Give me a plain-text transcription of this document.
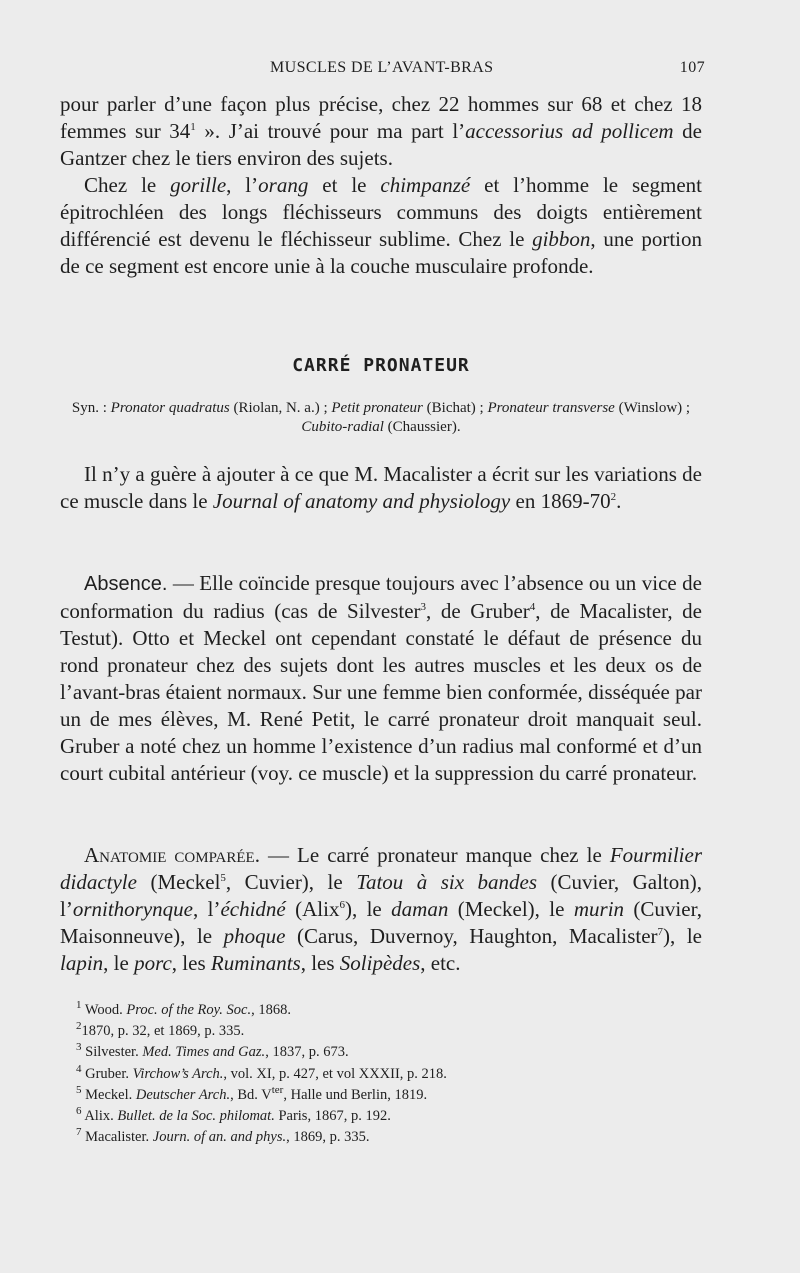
MUSCLES DE L’AVANT-BRAS	107

pour parler d’une façon plus précise, chez 22 hommes sur 68 et chez 18 femmes sur $34^1$ ». J’ai trouvé pour ma part l’accessorius ad pollicem de Gantzer chez le tiers environ des sujets.

Chez le gorille, l’orang et le chimpanzé et l’homme le segment épitrochléen des longs fléchisseurs communs des doigts entièrement différencié est devenu le fléchisseur sublime. Chez le gibbon, une portion de ce segment est encore unie à la couche musculaire profonde.

CARRÉ PRONATEUR
Syn. : Pronator quadratus (Riolan, N. a.) ; Petit pronateur (Bichat) ; Pronateur transverse (Winslow) ; Cubito-radial (Chaussier).

Il n’y a guère à ajouter à ce que M. Macalister a écrit sur les variations de ce muscle dans le Journal of anatomy and physiology en $1869-70^2$.

Absence. — Elle coïncide presque toujours avec l’absence ou un vice de conformation du radius (cas de Silvester$^3$, de Gruber$^4$, de Macalister, de Testut). Otto et Meckel ont cependant constaté le défaut de présence du rond pronateur chez des sujets dont les autres muscles et les deux os de l’avant-bras étaient normaux. Sur une femme bien conformée, disséquée par un de mes élèves, M. René Petit, le carré pronateur droit manquait seul. Gruber a noté chez un homme l’existence d’un radius mal conformé et d’un court cubital antérieur (voy. ce muscle) et la suppression du carré pronateur.

Anatomie comparée. — Le carré pronateur manque chez le Fourmilier didactyle (Meckel$^5$, Cuvier), le Tatou à six bandes (Cuvier, Galton), l’ornithorynque, l’échidné (Alix$^6$), le daman (Meckel), le murin (Cuvier, Maisonneuve), le phoque (Carus, Duvernoy, Haughton, Macalister$^7$), le lapin, le porc, les Ruminants, les Solipèdes, etc.

$^1$ Wood. Proc. of the Roy. Soc., 1868.
$^2$1870, p. 32, et 1869, p. 335.
$^3$ Silvester. Med. Times and Gaz., 1837, p. 673.
$^4$ Gruber. Virchow’s Arch., vol. XI, p. 427, et vol XXXII, p. 218.
$^5$ Meckel. Deutscher Arch., Bd. $V^{ter}$, Halle und Berlin, 1819.
$^6$ Alix. Bullet. de la Soc. philomat. Paris, 1867, p. 192.
$^7$ Macalister. Journ. of an. and phys., 1869, p. 335.
